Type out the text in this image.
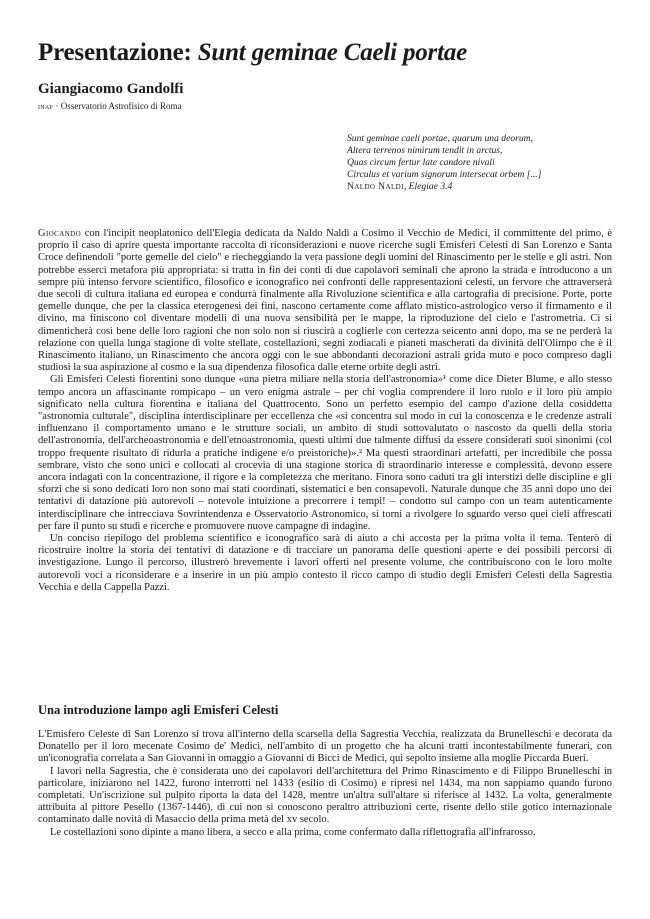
Presentazione: Sunt geminae Caeli portae
Giangiacomo Gandolfi
inaf · Osservatorio Astrofisico di Roma
Sunt geminae caeli portae, quarum una deorum,
Altera terrenos nimirum tendit in arctus,
Quas circum fertur late candore nivali
Circulus et varium signorum intersecat orbem [...]
Naldo Naldi, Elegiae 3.4

Giocando con l'incipit neoplatonico dell'Elegia dedicata da Naldo Naldi a Cosimo il Vecchio de Medici, il committente del primo, è proprio il caso di aprire questa importante raccolta di riconsiderazioni e nuove ricerche sugli Emisferi Celesti di San Lorenzo e Santa Croce definendoli "porte gemelle del cielo" e riecheggiando la vera passione degli uomini del Rinascimento per le stelle e gli astri. Non potrebbe esserci metafora più appropriata: si tratta in fin dei conti di due capolavori seminali che aprono la strada e introducono a un sempre più intenso fervore scientifico, filosofico e iconografico nei confronti delle rappresentazioni celesti, un fervore che attraverserà due secoli di cultura italiana ed europea e condurrà finalmente alla Rivoluzione scientifica e alla cartografia di precisione. Porte, porte gemelle dunque, che per la classica eterogenesi dei fini, nascono certamente come afflato mistico-astrologico verso il firmamento e il divino, ma finiscono col diventare modelli di una nuova sensibilità per le mappe, la riproduzione del cielo e l'astrometria. Ci si dimenticherà così bene delle loro ragioni che non solo non si riuscirà a coglierle con certezza seicento anni dopo, ma se ne perderà la relazione con quella lunga stagione di volte stellate, costellazioni, segni zodiacali e pianeti mascherati da divinità dell'Olimpo che è il Rinascimento italiano, un Rinascimento che ancora oggi con le sue abbondanti decorazioni astrali grida muto e poco compreso dagli studiosi la sua aspirazione al cosmo e la sua dipendenza filosofica dalle eterne orbite degli astri.

Gli Emisferi Celesti fiorentini sono dunque «una pietra miliare nella storia dell'astronomia»¹ come dice Dieter Blume, e allo stesso tempo ancora un affascinante rompicapo – un vero enigma astrale – per chi voglia comprendere il loro ruolo e il loro più ampio significato nella cultura fiorentina e italiana del Quattrocento. Sono un perfetto esempio del campo d'azione della cosiddetta "astronomia culturale", disciplina interdisciplinare per eccellenza che «si concentra sul modo in cui la conoscenza e le credenze astrali influenzano il comportamento umano e le strutture sociali, un ambito di studi sottovalutato o nascosto da quelli della storia dell'astronomia, dell'archeoastronomia e dell'etnoastronomia, questi ultimi due talmente diffusi da essere considerati suoi sinonimi (col troppo frequente risultato di ridurla a pratiche indigene e/o preistoriche)».² Ma questi straordinari artefatti, per incredibile che possa sembrare, visto che sono unici e collocati al crocevia di una stagione storica di straordinario interesse e complessità, devono essere ancora indagati con la concentrazione, il rigore e la completezza che meritano. Finora sono caduti tra gli interstizi delle discipline e gli sforzi che si sono dedicati loro non sono mai stati coordinati, sistematici e ben consapevoli. Naturale dunque che 35 anni dopo uno dei tentativi di datazione più autorevoli – notevole intuizione a precorrere i tempi! – condotto sul campo con un team autenticamente interdisciplinare che intrecciava Sovrintendenza e Osservatorio Astronomico, si torni a rivolgere lo sguardo verso quei cieli affrescati per fare il punto su studi e ricerche e promuovere nuove campagne di indagine.

Un conciso riepilogo del problema scientifico e iconografico sarà di aiuto a chi accosta per la prima volta il tema. Tenterò di ricostruire inoltre la storia dei tentativi di datazione e di tracciare un panorama delle questioni aperte e dei possibili percorsi di investigazione. Lungo il percorso, illustrerò brevemente i lavori offerti nel presente volume, che contribuiscono con le loro molte autorevoli voci a riconsiderare e a inserire in un più ampio contesto il ricco campo di studio degli Emisferi Celesti della Sagrestia Vecchia e della Cappella Pazzi.

Una introduzione lampo agli Emisferi Celesti

L'Emisfero Celeste di San Lorenzo si trova all'interno della scarsella della Sagrestia Vecchia, realizzata da Brunelleschi e decorata da Donatello per il loro mecenate Cosimo de' Medici, nell'ambito di un progetto che ha alcuni tratti incontestabilmente funerari, con un'iconografia correlata a San Giovanni in omaggio a Giovanni di Bicci de Medici, qui sepolto insieme alla moglie Piccarda Bueri.

I lavori nella Sagrestia, che è considerata uno dei capolavori dell'architettura del Primo Rinascimento e di Filippo Brunelleschi in particolare, iniziarono nel 1422, furono interrotti nel 1433 (esilio di Cosimo) e ripresi nel 1434, ma non sappiamo quando furono completati. Un'iscrizione sul pulpito riporta la data del 1428, mentre un'altra sull'altare si riferisce al 1432. La volta, generalmente attribuita al pittore Pesello (1367-1446), di cui non si conoscono peraltro attribuzioni certe, risente dello stile gotico internazionale contaminato dalle novità di Masaccio della prima metà del xv secolo.

Le costellazioni sono dipinte a mano libera, a secco e alla prima, come confermato dalla riflettografia all'infrarosso.
